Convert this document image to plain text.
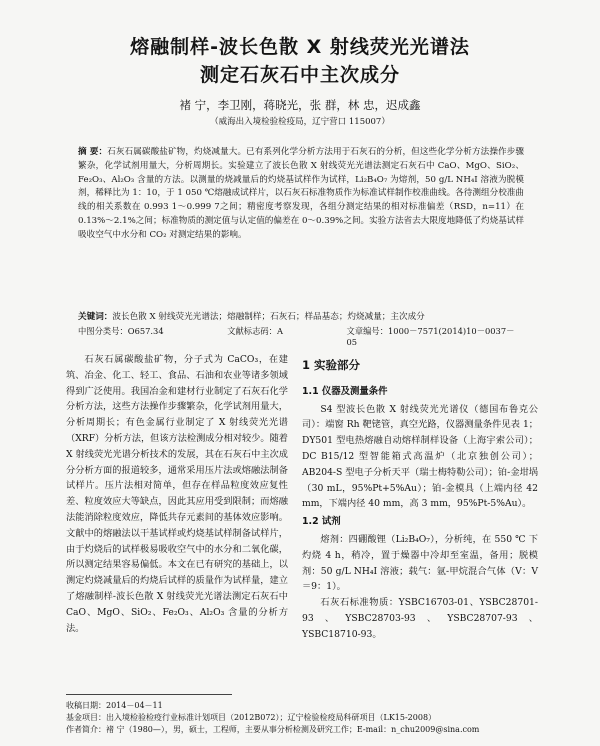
熔融制样-波长色散 X 射线荧光光谱法
测定石灰石中主次成分
褚 宁，李卫刚，蒋晓光，张 群，林 忠，迟成鑫
（威海出入境检验检疫局，辽宁营口 115007）
摘 要：石灰石属碳酸盐矿物，灼烧减量大。已有系列化学分析方法用于石灰石的分析，但这些化学分析方法操作步骤繁杂，化学试剂用量大，分析周期长。实验建立了波长色散 X 射线荧光光谱法测定石灰石中 CaO、MgO、SiO₂、Fe₂O₃、Al₂O₃ 含量的方法。以测量的烧减量后的灼烧基试样作为试样，Li₂B₄O₇ 为熔剂，50 g/L NH₄I 溶液为脱模剂，稀释比为 1：10，于 1 050 ℃熔融成试样片，以石灰石标准物质作为标准试样制作校准曲线。各待测组分校准曲线的相关系数在 0.993 1～0.999 7之间；精密度考察发现，各组分测定结果的相对标准偏差（RSD，n=11）在 0.13%～2.1%之间；标准物质的测定值与认定值的偏差在 0～0.39%之间。实验方法省去大限度地降低了灼烧基试样吸收空气中水分和 CO₂ 对测定结果的影响。
关键词：波长色散 X 射线荧光光谱法；熔融制样；石灰石；样品基态；灼烧减量；主次成分
中图分类号：O657.34	文献标志码：A	文章编号：1000－7571(2014)10－0037－05

石灰石属碳酸盐矿物，分子式为 CaCO₃，在建筑、冶金、化工、轻工、食品、石油和农业等诸多领域得到广泛使用。我国冶金和建材行业制定了石灰石化学分析方法，这些方法操作步骤繁杂，化学试剂用量大，分析周期长；有色金属行业制定了 X 射线荧光光谱（XRF）分析方法，但该方法检测成分相对较少。随着 X 射线荧光光谱分析技术的发展，其在石灰石中主次成分分析方面的报道较多，通常采用压片法或熔融法制备试样片。压片法相对简单，但存在样品粒度效应复性差、粒度效应大等缺点，因此其应用受到限制；而熔融法能消除粒度效应，降低共存元素间的基体效应影响。文献中的熔融法以干基试样或灼烧基试样制备试样片，由于灼烧后的试样极易吸收空气中的水分和二氧化碳，所以测定结果容易偏低。本文在已有研究的基础上，以测定灼烧减量后的灼烧后试样的质量作为试样量，建立了熔融制样-波长色散 X 射线荧光光谱法测定石灰石中 CaO、MgO、SiO₂、Fe₂O₃、Al₂O₃ 含量的分析方法。

1 实验部分
1.1 仪器及测量条件

S4 型波长色散 X 射线荧光光谱仪（德国布鲁克公司）：端窗 Rh 靶铑管，真空光路，仪器测量条件见表 1；DY501 型电热熔融自动熔样制样设备（上海宇索公司）；DC B15/12 型智能箱式高温炉（北京独创公司）；AB204-S 型电子分析天平（瑞士梅特勒公司）；铂-金坩埚（30 mL，95%Pt+5%Au）；铂-金模具（上端内径 42 mm，下端内径 40 mm，高 3 mm，95%Pt-5%Au）。

1.2 试剂

熔剂：四硼酸锂（Li₂B₄O₇），分析纯，在 550 ℃ 下灼烧 4 h，稍冷，置于燥器中冷却至室温，备用；脱模剂：50 g/L NH₄I 溶液；载气：氩-甲烷混合气体（V：V＝9：1）。

石灰石标准物质：YSBC16703-01、YSBC28701-93、YSBC28703-93、YSBC28707-93、YSBC18710-93。

收稿日期：2014－04－11
基金项目：出入境检验检疫行业标准计划项目（2012B072）；辽宁检验检疫局科研项目（LK15-2008）
作者简介：褚 宁（1980—），男，硕士，工程师，主要从事分析检测及研究工作；E-mail：n_chu2009@sina.com
